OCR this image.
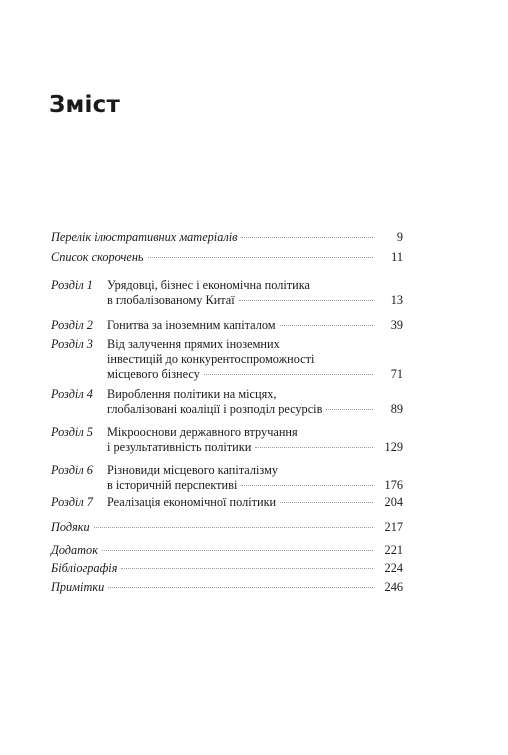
Зміст
Перелік ілюстративних матеріалів	9
Список скорочень	11
Розділ 1 Урядовці, бізнес і економічна політика
в глобалізованому Китаї	13
Розділ 2 Гонитва за іноземним капіталом	39
Розділ 3 Від залучення прямих іноземних
інвестицій до конкурентоспроможності
місцевого бізнесу	71
Розділ 4 Вироблення політики на місцях,
глобалізовані коаліції і розподіл ресурсів	89
Розділ 5 Мікрооснови державного втручання
і результативність політики	129
Розділ 6 Різновиди місцевого капіталізму
в історичній перспективі	176
Розділ 7 Реалізація економічної політики	204
Подяки	217
Додаток	221
Бібліографія	224
Примітки	246
